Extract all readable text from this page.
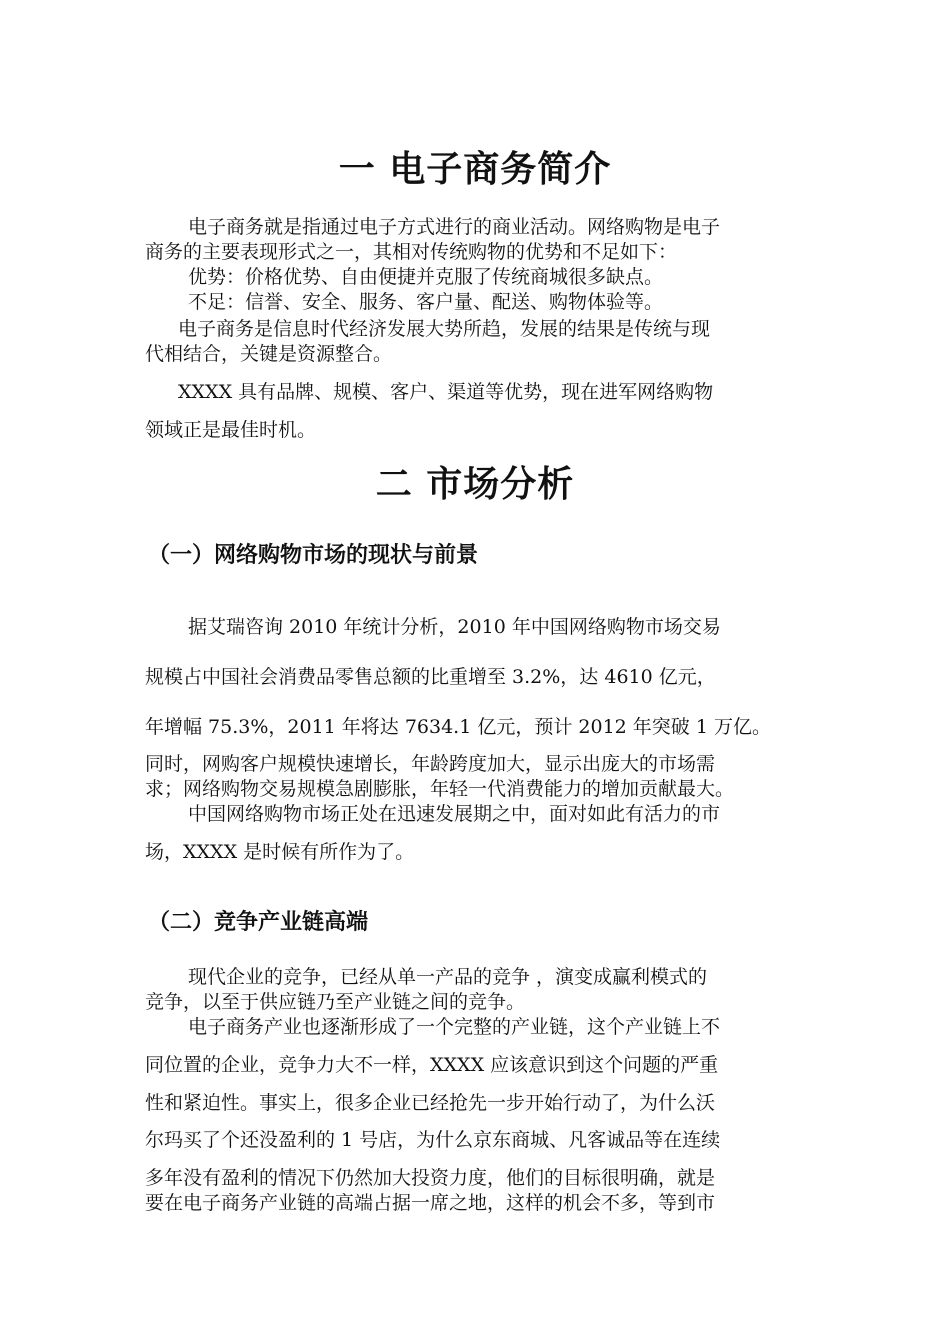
一 电子商务简介
电子商务就是指通过电子方式进行的商业活动。网络购物是电子
商务的主要表现形式之一，其相对传统购物的优势和不足如下：
优势：价格优势、自由便捷并克服了传统商城很多缺点。
不足：信誉、安全、服务、客户量、配送、购物体验等。
电子商务是信息时代经济发展大势所趋，发展的结果是传统与现
代相结合，关键是资源整合。
XXXX 具有品牌、规模、客户、渠道等优势，现在进军网络购物
领域正是最佳时机。
二 市场分析
（一）网络购物市场的现状与前景
据艾瑞咨询 2010 年统计分析，2010 年中国网络购物市场交易
规模占中国社会消费品零售总额的比重增至 3.2%，达 4610 亿元，
年增幅 75.3%，2011 年将达 7634.1 亿元，预计 2012 年突破 1 万亿。
同时，网购客户规模快速增长，年龄跨度加大，显示出庞大的市场需
求；网络购物交易规模急剧膨胀，年轻一代消费能力的增加贡献最大。
中国网络购物市场正处在迅速发展期之中，面对如此有活力的市
场，XXXX 是时候有所作为了。
（二）竞争产业链高端
现代企业的竞争，已经从单一产品的竞争 ，演变成赢利模式的
竞争，以至于供应链乃至产业链之间的竞争。
电子商务产业也逐渐形成了一个完整的产业链，这个产业链上不
同位置的企业，竞争力大不一样，XXXX 应该意识到这个问题的严重
性和紧迫性。事实上，很多企业已经抢先一步开始行动了，为什么沃
尔玛买了个还没盈利的 1 号店，为什么京东商城、凡客诚品等在连续
多年没有盈利的情况下仍然加大投资力度，他们的目标很明确，就是
要在电子商务产业链的高端占据一席之地，这样的机会不多，等到市
